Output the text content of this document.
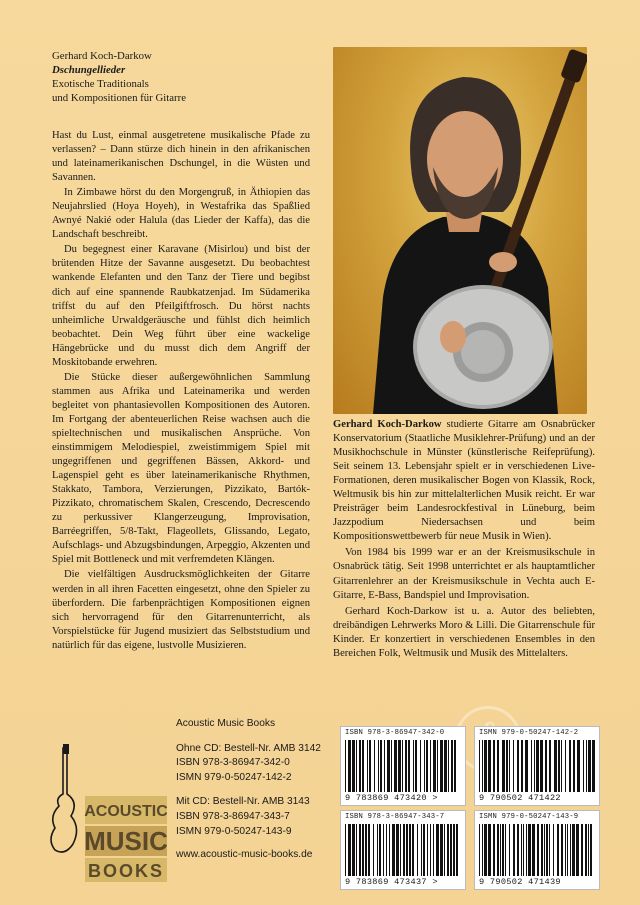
Gerhard Koch-Darkow

Dschungellieder

Exotische Traditionals

und Kompositionen für Gitarre

Hast du Lust, einmal ausgetretene musikalische Pfade zu verlassen? – Dann stürze dich hinein in den afrikanischen und lateinamerikanischen Dschungel, in die Wüsten und Savannen.

In Zimbawe hörst du den Morgengruß, in Äthiopien das Neujahrslied (Hoya Hoyeh), in Westafrika das Spaßlied Awnyé Nakié oder Halula (das Lieder der Kaffa), das die Landschaft beschreibt.

Du begegnest einer Karavane (Misirlou) und bist der brütenden Hitze der Savanne ausgesetzt. Du beobachtest wankende Elefanten und den Tanz der Tiere und begibst dich auf eine spannende Raubkatzenjad. Im Südamerika triffst du auf den Pfeilgiftfrosch. Du hörst nachts unheimliche Urwaldgeräusche und fühlst dich heimlich beobachtet. Dein Weg führt über eine wackelige Hängebrücke und du musst dich dem Angriff der Moskitobande erwehren.

Die Stücke dieser außergewöhnlichen Sammlung stammen aus Afrika und Lateinamerika und werden begleitet von phantasievollen Kompositionen des Autoren. Im Fortgang der abenteuerlichen Reise wachsen auch die spieltechnischen und musikalischen Ansprüche. Von einstimmigem Melodiespiel, zweistimmigem Spiel mit ungegriffenen und gegriffenen Bässen, Akkord- und Lagenspiel geht es über lateinamerikanische Rhythmen, Stakkato, Tambora, Verzierungen, Pizzikato, Bartók-Pizzikato, chromatischem Skalen, Crescendo, Decrescendo zu perkussiver Klangerzeugung, Improvisation, Barréegriffen, 5/8-Takt, Flageollets, Glissando, Legato, Aufschlags- und Abzugsbindungen, Arpeggio, Akzenten und Spiel mit Bottleneck und mit verfremdeten Klängen.

Die vielfältigen Ausdrucksmöglichkeiten der Gitarre werden in all ihren Facetten eingesetzt, ohne den Spieler zu überfordern. Die farbenprächtigen Kompositionen eignen sich hervorragend für den Gitarrenunterricht, als Vorspielstücke für Jugend musiziert das Selbststudium und natürlich für das eigene, lustvolle Musizieren.

Gerhard Koch-Darkow studierte Gitarre am Osnabrücker Konservatorium (Staatliche Musiklehrer-Prüfung) und an der Musikhochschule in Münster (künstlerische Reifeprüfung). Seit seinem 13. Lebensjahr spielt er in verschiedenen Live-Formationen, deren musikalischer Bogen von Klassik, Rock, Weltmusik bis hin zur mittelalterlichen Musik reicht. Er war Preisträger beim Landesrockfestival in Lüneburg, beim Jazzpodium Niedersachsen und beim Kompositionswettbewerb für neue Musik in Wien).

Von 1984 bis 1999 war er an der Kreismusikschule in Osnabrück tätig. Seit 1998 unterrichtet er als hauptamtlicher Gitarrenlehrer an der Kreismusikschule in Vechta auch E-Gitarre, E-Bass, Bandspiel und Improvisation.

Gerhard Koch-Darkow ist u. a. Autor des beliebten, dreibändigen Lehrwerks Moro & Lilli. Die Gitarrenschule für Kinder. Er konzertiert in verschiedenen Ensembles in den Bereichen Folk, Weltmusik und Musik des Mittelalters.

ACOUSTIC
MUSIC
BOOKS
Acoustic Music Books
Ohne CD: Bestell-Nr. AMB 3142
ISBN 978-3-86947-342-0
ISMN 979-0-50247-142-2
Mit CD: Bestell-Nr. AMB 3143
ISBN 978-3-86947-343-7
ISMN 979-0-50247-143-9
www.acoustic-music-books.de
ISBN 978-3-86947-342-0
9 783869 473420 >
ISMN 979-0-50247-142-2
9 790502 471422
ISBN 978-3-86947-343-7
9 783869 473437 >
ISMN 979-0-50247-143-9
9 790502 471439
